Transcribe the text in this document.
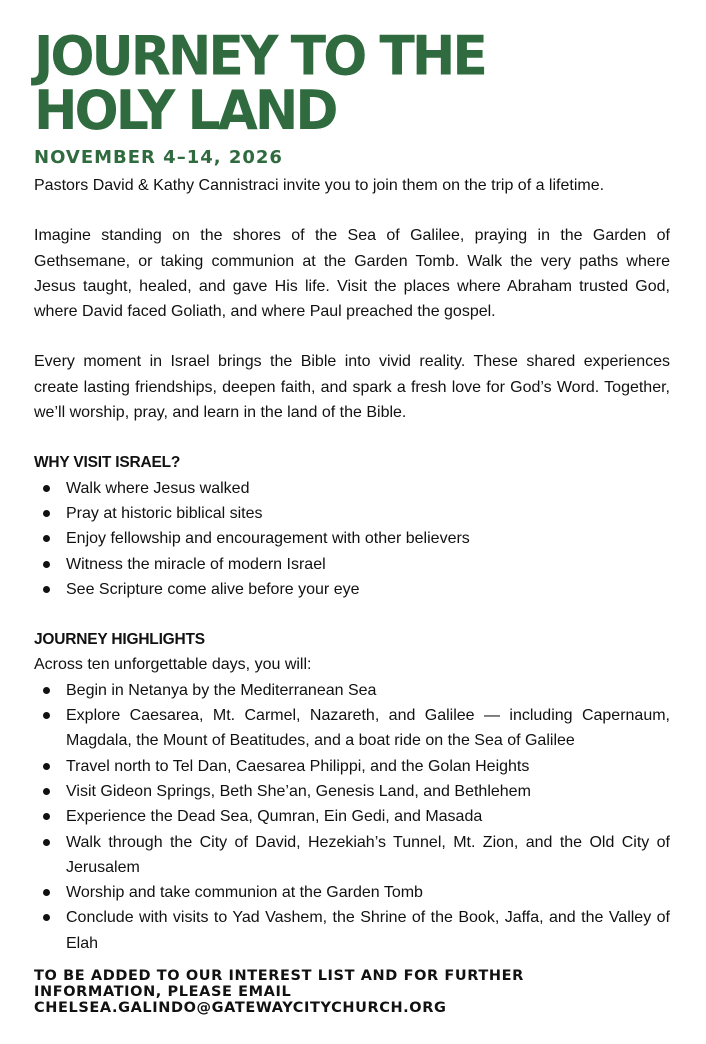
JOURNEY TO THE
HOLY LAND
NOVEMBER 4–14, 2026

Pastors David & Kathy Cannistraci invite you to join them on the trip of a lifetime.

Imagine standing on the shores of the Sea of Galilee, praying in the Garden of Gethsemane, or taking communion at the Garden Tomb. Walk the very paths where Jesus taught, healed, and gave His life. Visit the places where Abraham trusted God, where David faced Goliath, and where Paul preached the gospel.

Every moment in Israel brings the Bible into vivid reality. These shared experiences create lasting friendships, deepen faith, and spark a fresh love for God’s Word. Together, we’ll worship, pray, and learn in the land of the Bible.

WHY VISIT ISRAEL?
Walk where Jesus walked
Pray at historic biblical sites
Enjoy fellowship and encouragement with other believers
Witness the miracle of modern Israel
See Scripture come alive before your eye
JOURNEY HIGHLIGHTS

Across ten unforgettable days, you will:

Begin in Netanya by the Mediterranean Sea
Explore Caesarea, Mt. Carmel, Nazareth, and Galilee — including Capernaum, Magdala, the Mount of Beatitudes, and a boat ride on the Sea of Galilee
Travel north to Tel Dan, Caesarea Philippi, and the Golan Heights
Visit Gideon Springs, Beth She’an, Genesis Land, and Bethlehem
Experience the Dead Sea, Qumran, Ein Gedi, and Masada
Walk through the City of David, Hezekiah’s Tunnel, Mt. Zion, and the Old City of Jerusalem
Worship and take communion at the Garden Tomb
Conclude with visits to Yad Vashem, the Shrine of the Book, Jaffa, and the Valley of Elah
TO BE ADDED TO OUR INTEREST LIST AND FOR FURTHER
INFORMATION, PLEASE EMAIL
CHELSEA.GALINDO@GATEWAYCITYCHURCH.ORG
